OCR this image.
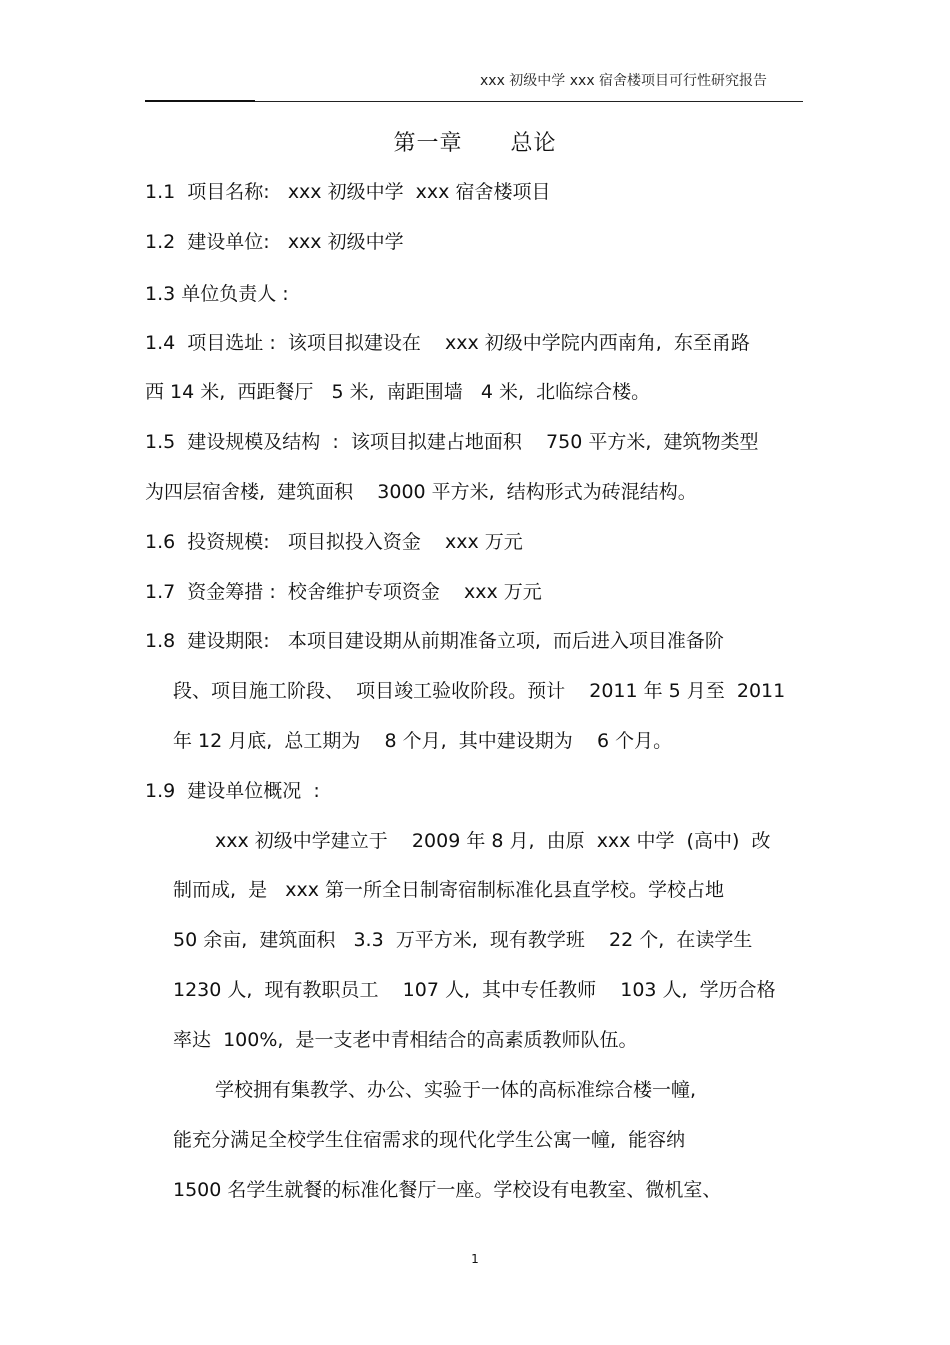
xxx 初级中学 xxx 宿舍楼项目可行性研究报告
第一章      总论
1.1  项目名称:   xxx 初级中学  xxx 宿舍楼项目
1.2  建设单位:   xxx 初级中学
1.3 单位负责人 :
1.4  项目选址 :  该项目拟建设在    xxx 初级中学院内西南角,  东至甬路
西 14 米,  西距餐厅   5 米,  南距围墙   4 米,  北临综合楼。
1.5  建设规模及结构  :  该项目拟建占地面积    750 平方米,  建筑物类型
为四层宿舍楼,  建筑面积    3000 平方米,  结构形式为砖混结构。
1.6  投资规模:   项目拟投入资金    xxx 万元
1.7  资金筹措 :  校舍维护专项资金    xxx 万元
1.8  建设期限:   本项目建设期从前期准备立项,  而后进入项目准备阶
段、项目施工阶段、  项目竣工验收阶段。预计    2011 年 5 月至  2011
年 12 月底,  总工期为    8 个月,  其中建设期为    6 个月。
1.9  建设单位概况  :
xxx 初级中学建立于    2009 年 8 月,  由原  xxx 中学  (高中)  改
制而成,  是   xxx 第一所全日制寄宿制标准化县直学校。学校占地
50 余亩,  建筑面积   3.3  万平方米,  现有教学班    22 个,  在读学生
1230 人,  现有教职员工    107 人,  其中专任教师    103 人,  学历合格
率达  100%,  是一支老中青相结合的高素质教师队伍。
学校拥有集教学、办公、实验于一体的高标准综合楼一幢,
能充分满足全校学生住宿需求的现代化学生公寓一幢,  能容纳
1500 名学生就餐的标准化餐厅一座。学校设有电教室、微机室、
1
